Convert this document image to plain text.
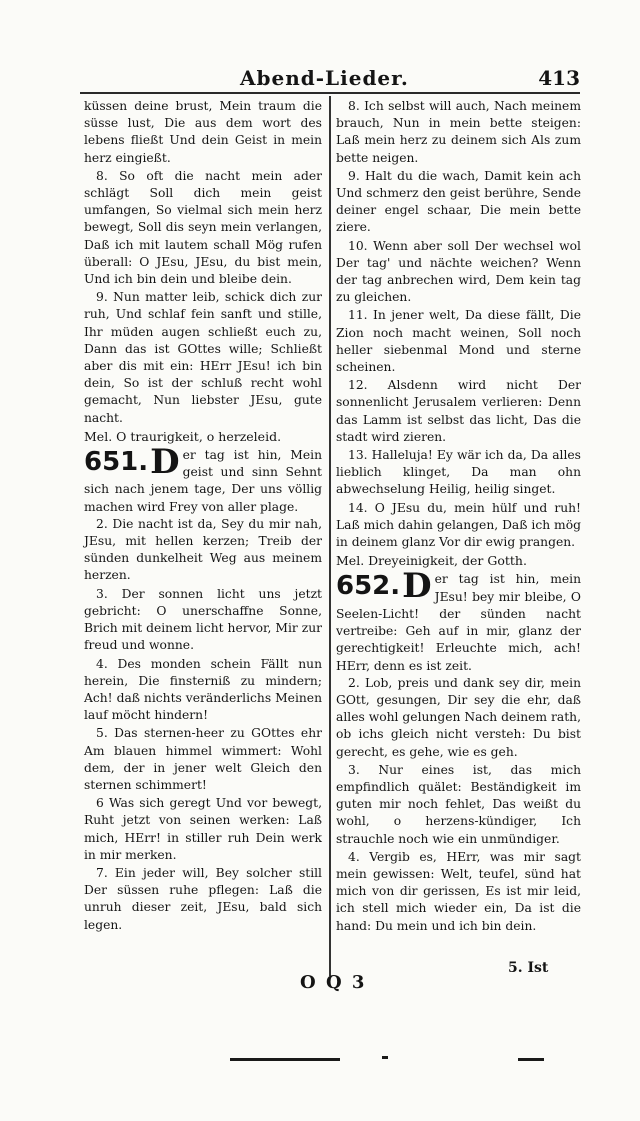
Abend-Lieder.	413

küssen deine brust, Mein traum die süsse lust, Die aus dem wort des lebens fließt Und dein Geist in mein herz eingießt.

8. So oft die nacht mein ader schlägt Soll dich mein geist umfangen, So vielmal sich mein herz bewegt, Soll dis seyn mein verlangen, Daß ich mit lautem schall Mög rufen überall: O JEsu, JEsu, du bist mein, Und ich bin dein und bleibe dein.

9. Nun matter leib, schick dich zur ruh, Und schlaf fein sanft und stille, Ihr müden augen schließt euch zu, Dann das ist GOttes wille; Schließt aber dis mit ein: HErr JEsu! ich bin dein, So ist der schluß recht wohl gemacht, Nun liebster JEsu, gute nacht.

Mel. O traurigkeit, o herzeleid.

651. D er tag ist hin, Mein geist und sinn Sehnt sich nach jenem tage, Der uns völlig machen wird Frey von aller plage.

2. Die nacht ist da, Sey du mir nah, JEsu, mit hellen kerzen; Treib der sünden dunkelheit Weg aus meinem herzen.

3. Der sonnen licht uns jetzt gebricht: O unerschaffne Sonne, Brich mit deinem licht hervor, Mir zur freud und wonne.

4. Des monden schein Fällt nun herein, Die finsterniß zu mindern; Ach! daß nichts veränderlichs Meinen lauf möcht hindern!

5. Das sternen-heer zu GOttes ehr Am blauen himmel wimmert: Wohl dem, der in jener welt Gleich den sternen schimmert!

6 Was sich geregt Und vor bewegt, Ruht jetzt von seinen werken: Laß mich, HErr! in stiller ruh Dein werk in mir merken.

7. Ein jeder will, Bey solcher still Der süssen ruhe pflegen: Laß die unruh dieser zeit, JEsu, bald sich legen.

8. Ich selbst will auch, Nach meinem brauch, Nun in mein bette steigen: Laß mein herz zu deinem sich Als zum bette neigen.

9. Halt du die wach, Damit kein ach Und schmerz den geist berühre, Sende deiner engel schaar, Die mein bette ziere.

10. Wenn aber soll Der wechsel wol Der tag' und nächte weichen? Wenn der tag anbrechen wird, Dem kein tag zu gleichen.

11. In jener welt, Da diese fällt, Die Zion noch macht weinen, Soll noch heller siebenmal Mond und sterne scheinen.

12. Alsdenn wird nicht Der sonnenlicht Jerusalem verlieren: Denn das Lamm ist selbst das licht, Das die stadt wird zieren.

13. Halleluja! Ey wär ich da, Da alles lieblich klinget, Da man ohn abwechselung Heilig, heilig singet.

14. O JEsu du, mein hülf und ruh! Laß mich dahin gelangen, Daß ich mög in deinem glanz Vor dir ewig prangen.

Mel. Dreyeinigkeit, der Gotth.

652. D er tag ist hin, mein JEsu! bey mir bleibe, O Seelen-Licht! der sünden nacht vertreibe: Geh auf in mir, glanz der gerechtigkeit! Erleuchte mich, ach! HErr, denn es ist zeit.

2. Lob, preis und dank sey dir, mein GOtt, gesungen, Dir sey die ehr, daß alles wohl gelungen Nach deinem rath, ob ichs gleich nicht versteh: Du bist gerecht, es gehe, wie es geh.

3. Nur eines ist, das mich empfindlich quälet: Beständigkeit im guten mir noch fehlet, Das weißt du wohl, o herzens-kündiger, Ich strauchle noch wie ein unmündiger.

4. Vergib es, HErr, was mir sagt mein gewissen: Welt, teufel, sünd hat mich von dir gerissen, Es ist mir leid, ich stell mich wieder ein, Da ist die hand: Du mein und ich bin dein.

O Q 3
5. Ist
